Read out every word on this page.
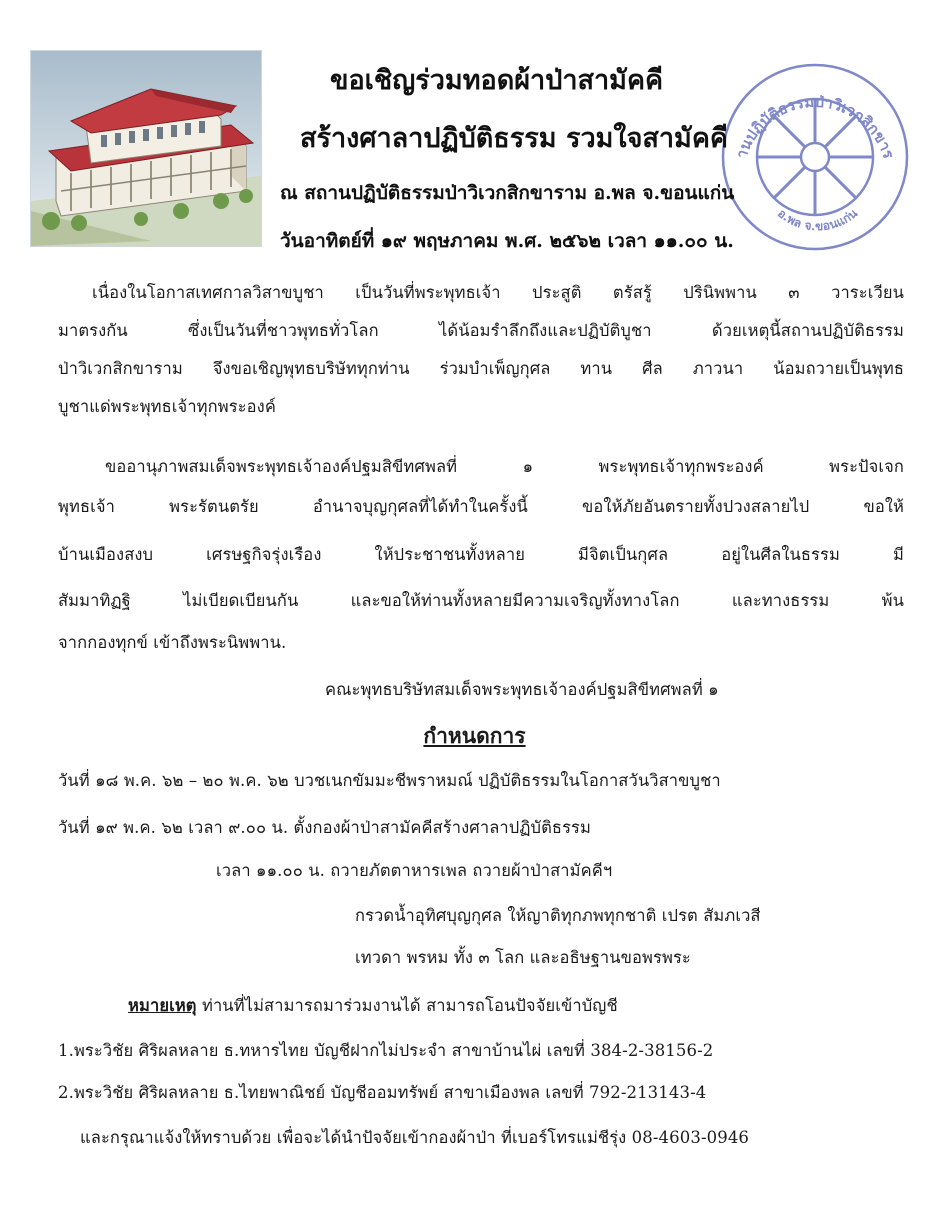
านปฏิบัติธรรมป่าวิเวกสิกขาร
อ.พล จ.ขอนแก่น
ขอเชิญร่วมทอดผ้าป่าสามัคคี
สร้างศาลาปฏิบัติธรรม รวมใจสามัคคี
ณ สถานปฏิบัติธรรมป่าวิเวกสิกขาราม อ.พล จ.ขอนแก่น
วันอาทิตย์ที่ ๑๙ พฤษภาคม พ.ศ. ๒๕๖๒ เวลา ๑๑.๐๐ น.
เนื่องในโอกาสเทศกาลวิสาขบูชา เป็นวันที่พระพุทธเจ้า ประสูติ ตรัสรู้ ปรินิพพาน ๓ วาระเวียน
มาตรงกัน ซึ่งเป็นวันที่ชาวพุทธทั่วโลก ได้น้อมรำลึกถึงและปฏิบัติบูชา ด้วยเหตุนี้สถานปฏิบัติธรรม
ป่าวิเวกสิกขาราม จึงขอเชิญพุทธบริษัททุกท่าน ร่วมบำเพ็ญกุศล ทาน ศีล ภาวนา น้อมถวายเป็นพุทธ
บูชาแด่พระพุทธเจ้าทุกพระองค์
ขออานุภาพสมเด็จพระพุทธเจ้าองค์ปฐมสิขีทศพลที่ ๑ พระพุทธเจ้าทุกพระองค์ พระปัจเจก
พุทธเจ้า พระรัตนตรัย อำนาจบุญกุศลที่ได้ทำในครั้งนี้ ขอให้ภัยอันตรายทั้งปวงสลายไป ขอให้
บ้านเมืองสงบ เศรษฐกิจรุ่งเรือง ให้ประชาชนทั้งหลาย มีจิตเป็นกุศล อยู่ในศีลในธรรม มี
สัมมาทิฏฐิ ไม่เบียดเบียนกัน และขอให้ท่านทั้งหลายมีความเจริญทั้งทางโลก และทางธรรม พ้น
จากกองทุกข์ เข้าถึงพระนิพพาน.
คณะพุทธบริษัทสมเด็จพระพุทธเจ้าองค์ปฐมสิขีทศพลที่ ๑
กำหนดการ
วันที่ ๑๘ พ.ค. ๖๒ – ๒๐ พ.ค. ๖๒ บวชเนกขัมมะชีพราหมณ์ ปฏิบัติธรรมในโอกาสวันวิสาขบูชา
วันที่ ๑๙ พ.ค. ๖๒ เวลา ๙.๐๐ น. ตั้งกองผ้าป่าสามัคคีสร้างศาลาปฏิบัติธรรม
เวลา ๑๑.๐๐ น. ถวายภัตตาหารเพล ถวายผ้าป่าสามัคคีฯ
กรวดน้ำอุทิศบุญกุศล ให้ญาติทุกภพทุกชาติ เปรต สัมภเวสี
เทวดา พรหม ทั้ง ๓ โลก และอธิษฐานขอพรพระ
หมายเหตุ ท่านที่ไม่สามารถมาร่วมงานได้ สามารถโอนปัจจัยเข้าบัญชี
1.พระวิชัย ศิริผลหลาย ธ.ทหารไทย บัญชีฝากไม่ประจำ สาขาบ้านไผ่ เลขที่ 384-2-38156-2
2.พระวิชัย ศิริผลหลาย ธ.ไทยพาณิชย์ บัญชีออมทรัพย์ สาขาเมืองพล เลขที่ 792-213143-4
และกรุณาแจ้งให้ทราบด้วย เพื่อจะได้นำปัจจัยเข้ากองผ้าป่า ที่เบอร์โทรแม่ชีรุ่ง 08-4603-0946
